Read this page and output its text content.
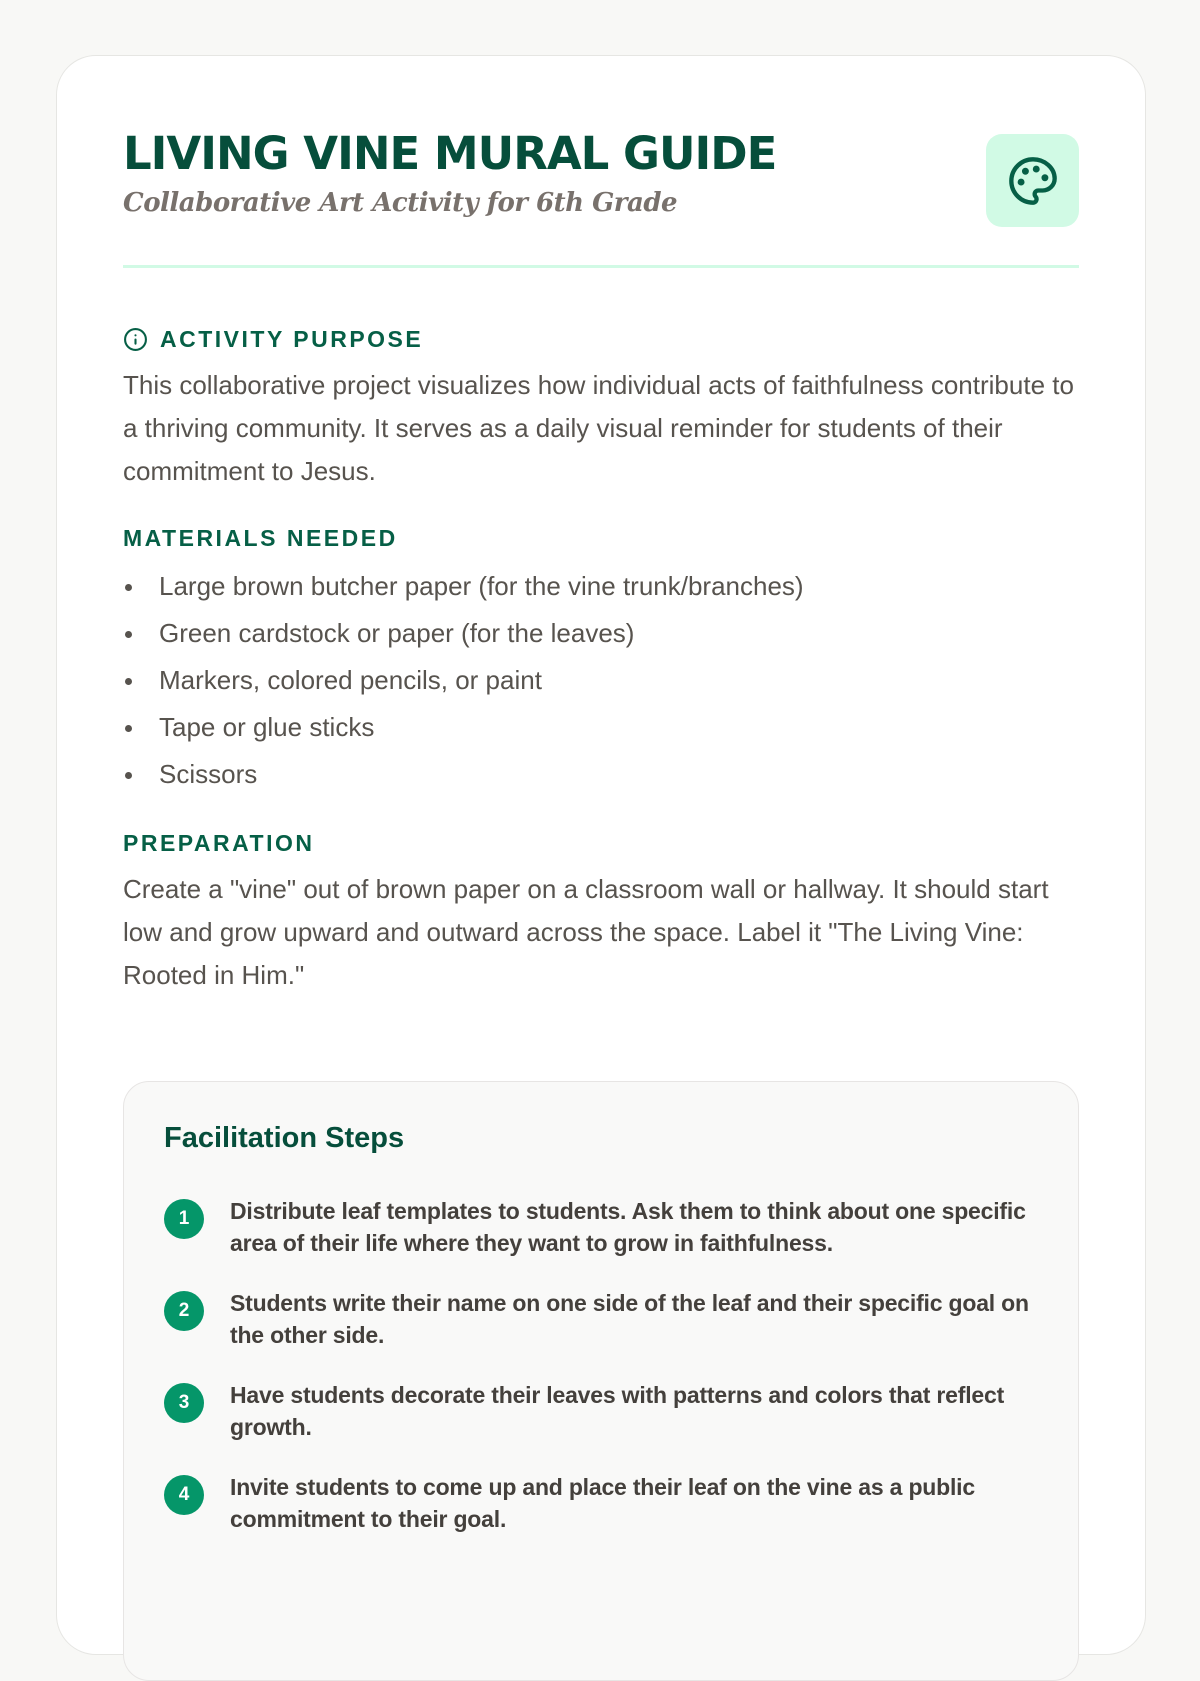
LIVING VINE MURAL GUIDE
Collaborative Art Activity for 6th Grade
ACTIVITY PURPOSE

This collaborative project visualizes how individual acts of faithfulness contribute to a thriving community. It serves as a daily visual reminder for students of their commitment to Jesus.

MATERIALS NEEDED
Large brown butcher paper (for the vine trunk/branches)
Green cardstock or paper (for the leaves)
Markers, colored pencils, or paint
Tape or glue sticks
Scissors
PREPARATION

Create a "vine" out of brown paper on a classroom wall or hallway. It should start low and grow upward and outward across the space. Label it "The Living Vine: Rooted in Him."

Facilitation Steps
1	Distribute leaf templates to students. Ask them to think about one specific area of their life where they want to grow in faithfulness.
2	Students write their name on one side of the leaf and their specific goal on the other side.
3	Have students decorate their leaves with patterns and colors that reflect growth.
4	Invite students to come up and place their leaf on the vine as a public commitment to their goal.
